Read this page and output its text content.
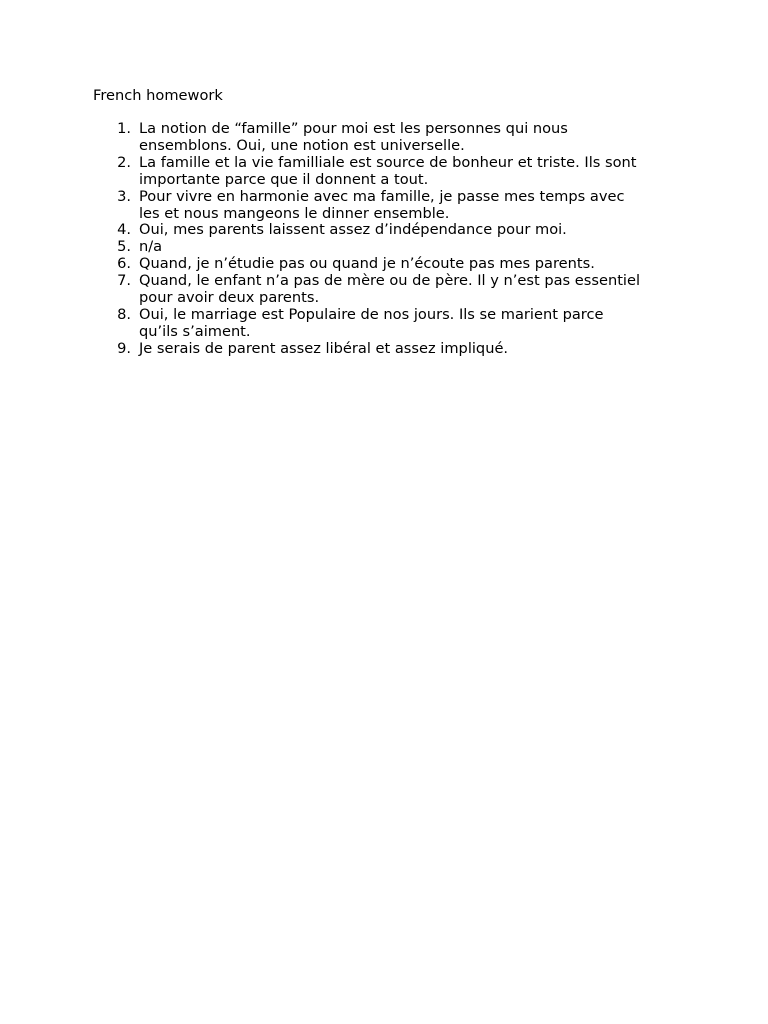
French homework
1. La notion de “famille” pour moi est les personnes qui nous
ensemblons. Oui, une notion est universelle.
2. La famille et la vie familliale est source de bonheur et triste. Ils sont
importante parce que il donnent a tout.
3. Pour vivre en harmonie avec ma famille, je passe mes temps avec
les et nous mangeons le dinner ensemble.
4. Oui, mes parents laissent assez d’indépendance pour moi.
5. n/a
6. Quand, je n’étudie pas ou quand je n’écoute pas mes parents.
7. Quand, le enfant n’a pas de mère ou de père. Il y n’est pas essentiel
pour avoir deux parents.
8. Oui, le marriage est Populaire de nos jours. Ils se marient parce
qu’ils s’aiment.
9. Je serais de parent assez libéral et assez impliqué.
